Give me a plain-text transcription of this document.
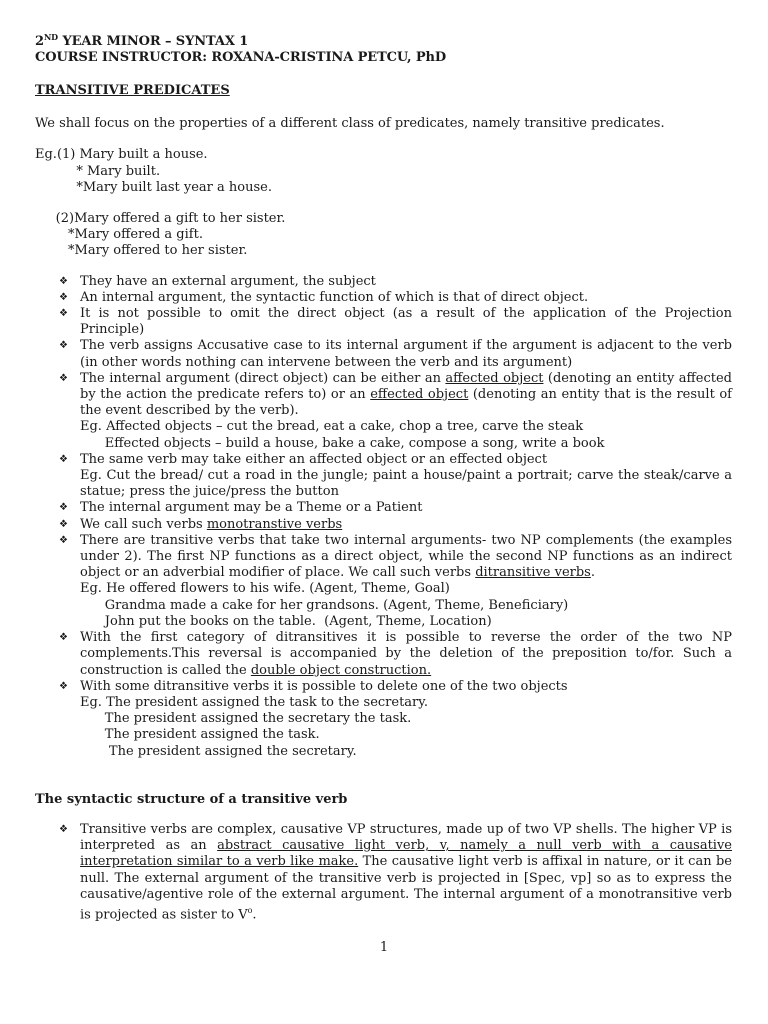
2ND YEAR MINOR – SYNTAX 1
COURSE INSTRUCTOR: ROXANA-CRISTINA PETCU, PhD
TRANSITIVE PREDICATES
We shall focus on the properties of a different class of predicates, namely transitive predicates.
Eg.(1) Mary built a house.
* Mary built.
*Mary built last year a house.
(2)Mary offered a gift to her sister.
*Mary offered a gift.
*Mary offered to her sister.
❖ They have an external argument, the subject
❖ An internal argument, the syntactic function of which is that of direct object.
❖ It is not possible to omit the direct object (as a result of the application of the Projection Principle)
❖ The verb assigns Accusative case to its internal argument if the argument is adjacent to the verb (in other words nothing can intervene between the verb and its argument)
❖ The internal argument (direct object) can be either an affected object (denoting an entity affected by the action the predicate refers to) or an effected object (denoting an entity that is the result of the event described by the verb).
Eg. Affected objects – cut the bread, eat a cake, chop a tree, carve the steak
Effected objects – build a house, bake a cake, compose a song, write a book
❖ The same verb may take either an affected object or an effected object
Eg. Cut the bread/ cut a road in the jungle; paint a house/paint a portrait; carve the steak/carve a statue; press the juice/press the button
❖ The internal argument may be a Theme or a Patient
❖ We call such verbs monotranstive verbs
❖ There are transitive verbs that take two internal arguments- two NP complements (the examples under 2). The first NP functions as a direct object, while the second NP functions as an indirect object or an adverbial modifier of place. We call such verbs ditransitive verbs.
Eg. He offered flowers to his wife. (Agent, Theme, Goal)
Grandma made a cake for her grandsons. (Agent, Theme, Beneficiary)
John put the books on the table.  (Agent, Theme, Location)
❖ With the first category of ditransitives it is possible to reverse the order of the two NP complements.This reversal is accompanied by the deletion of the preposition to/for. Such a construction is called the double object construction.
❖ With some ditransitive verbs it is possible to delete one of the two objects
Eg. The president assigned the task to the secretary.
The president assigned the secretary the task.
The president assigned the task.
The president assigned the secretary.
The syntactic structure of a transitive verb
❖ Transitive verbs are complex, causative VP structures, made up of two VP shells. The higher VP is interpreted as an abstract causative light verb, v, namely a null verb with a causative interpretation similar to a verb like make. The causative light verb is affixal in nature, or it can be null. The external argument of the transitive verb is projected in [Spec, vp] so as to express the causative/agentive role of the external argument. The internal argument of a monotransitive verb is projected as sister to $V^o$.
1
